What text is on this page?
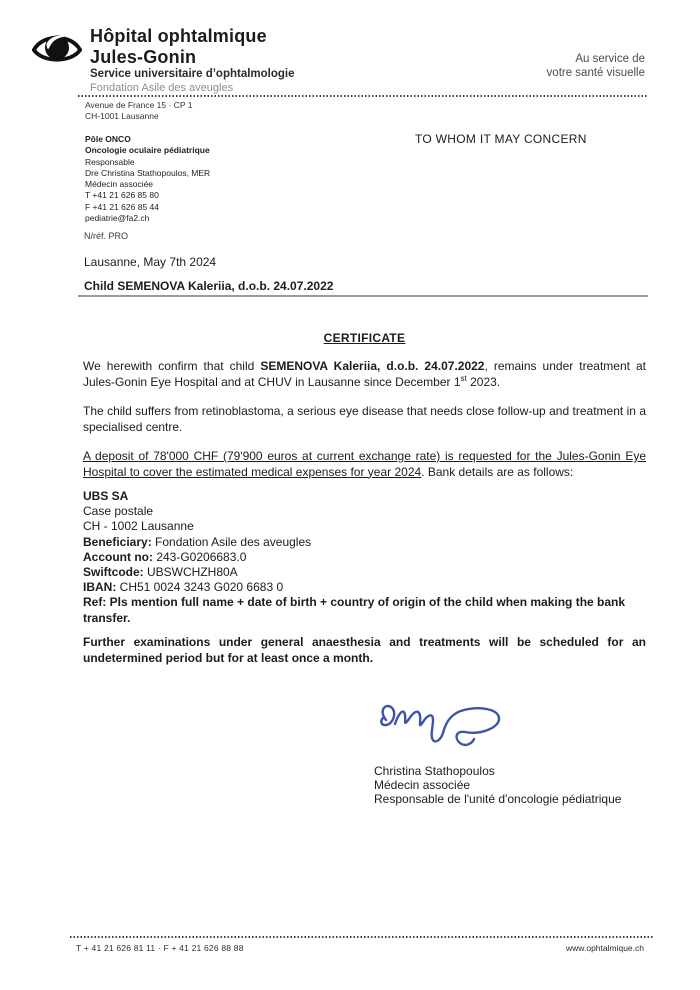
Hôpital ophtalmique
Jules-Gonin
Service universitaire d’ophtalmologie
Fondation Asile des aveugles
Au service de
votre santé visuelle
Avenue de France 15 · CP 1
CH-1001 Lausanne
Pôle ONCO
Oncologie oculaire pédiatrique
Responsable
Dre Christina Stathopoulos, MER
Médecin associée
T +41 21 626 85 80
F +41 21 626 85 44
pediatrie@fa2.ch
TO WHOM IT MAY CONCERN
N/réf. PRO
Lausanne, May 7th 2024
Child SEMENOVA Kaleriia, d.o.b. 24.07.2022
CERTIFICATE
We herewith confirm that child SEMENOVA Kaleriia, d.o.b. 24.07.2022, remains under treatment at Jules-Gonin Eye Hospital and at CHUV in Lausanne since December 1st 2023.
The child suffers from retinoblastoma, a serious eye disease that needs close follow-up and treatment in a specialised centre.
A deposit of 78'000 CHF (79'900 euros at current exchange rate) is requested for the Jules-Gonin Eye Hospital to cover the estimated medical expenses for year 2024. Bank details are as follows:
UBS SA
Case postale
CH - 1002 Lausanne
Beneficiary: Fondation Asile des aveugles
Account no: 243-G0206683.0
Swiftcode: UBSWCHZH80A
IBAN: CH51 0024 3243 G020 6683 0
Ref: Pls mention full name + date of birth + country of origin of the child when making the bank transfer.
Further examinations under general anaesthesia and treatments will be scheduled for an undetermined period but for at least once a month.
Christina Stathopoulos
Médecin associée
Responsable de l'unité d'oncologie pédiatrique
T + 41 21 626 81 11 · F + 41 21 626 88 88	www.ophtalmique.ch
